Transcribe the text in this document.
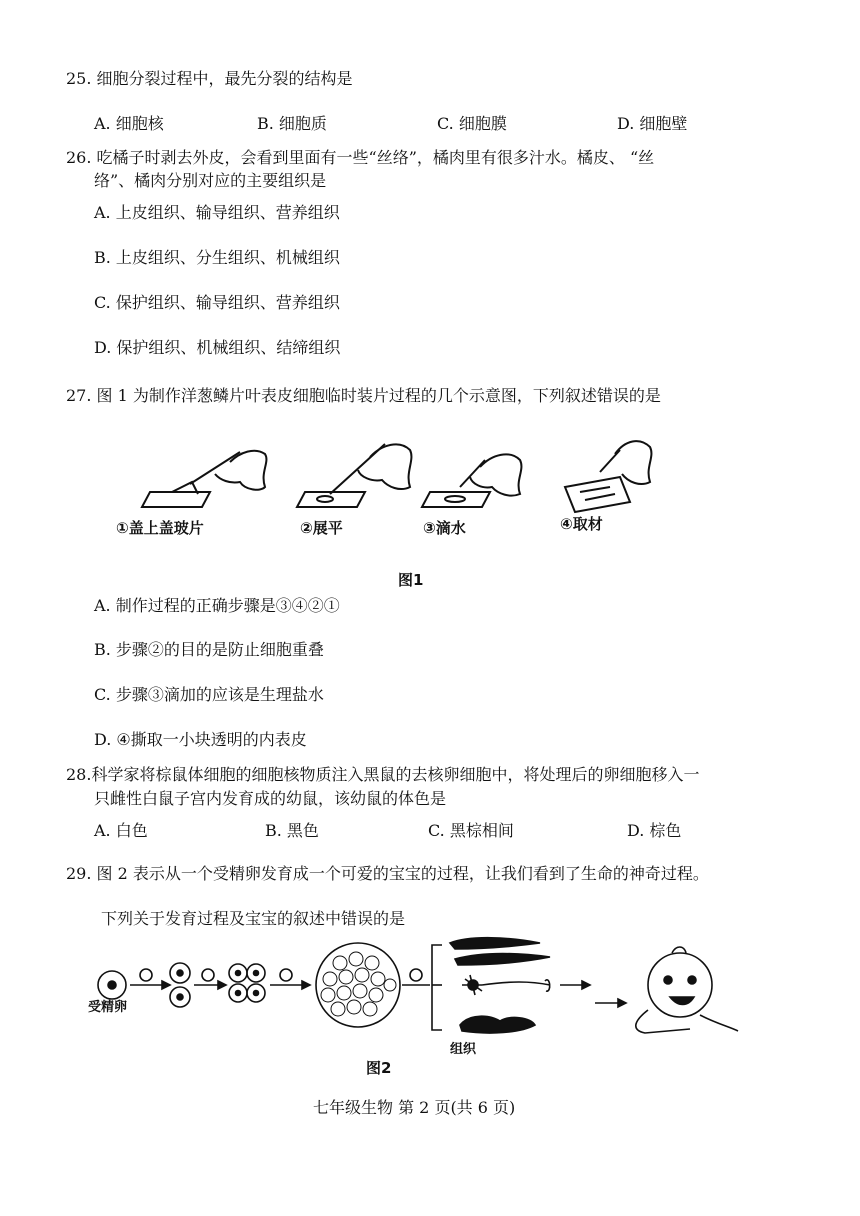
25. 细胞分裂过程中，最先分裂的结构是
A. 细胞核	B. 细胞质	C. 细胞膜	D. 细胞壁
26. 吃橘子时剥去外皮，会看到里面有一些“丝络”，橘肉里有很多汁水。橘皮、 “丝
络”、橘肉分别对应的主要组织是
A. 上皮组织、输导组织、营养组织
B. 上皮组织、分生组织、机械组织
C. 保护组织、输导组织、营养组织
D. 保护组织、机械组织、结缔组织
27. 图 1 为制作洋葱鳞片叶表皮细胞临时装片过程的几个示意图，下列叙述错误的是
①盖上盖玻片	②展平	③滴水	④取材
图1
A. 制作过程的正确步骤是③④②①
B. 步骤②的目的是防止细胞重叠
C. 步骤③滴加的应该是生理盐水
D. ④撕取一小块透明的内表皮
28.科学家将棕鼠体细胞的细胞核物质注入黑鼠的去核卵细胞中，将处理后的卵细胞移入一
只雌性白鼠子宫内发育成的幼鼠，该幼鼠的体色是
A. 白色	B. 黑色	C. 黑棕相间	D. 棕色
29. 图 2 表示从一个受精卵发育成一个可爱的宝宝的过程，让我们看到了生命的神奇过程。
下列关于发育过程及宝宝的叙述中错误的是
受精卵
组织
图2
七年级生物 第 2 页(共 6 页)
